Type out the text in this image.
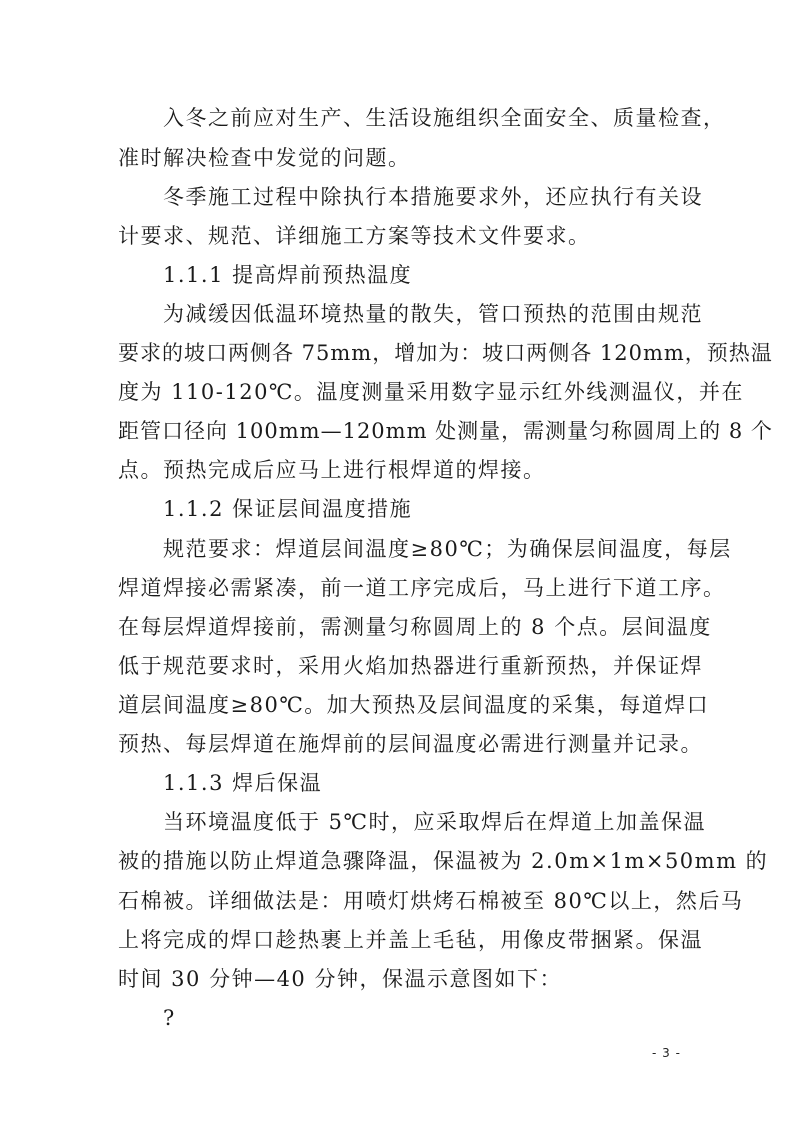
入冬之前应对生产、生活设施组织全面安全、质量检查，
准时解决检查中发觉的问题。
冬季施工过程中除执行本措施要求外，还应执行有关设
计要求、规范、详细施工方案等技术文件要求。
1.1.1 提高焊前预热温度
为减缓因低温环境热量的散失，管口预热的范围由规范
要求的坡口两侧各 75mm，增加为：坡口两侧各 120mm，预热温
度为 110-120℃。温度测量采用数字显示红外线测温仪，并在
距管口径向 100mm—120mm 处测量，需测量匀称圆周上的 8 个
点。预热完成后应马上进行根焊道的焊接。
1.1.2 保证层间温度措施
规范要求：焊道层间温度≥80℃；为确保层间温度，每层
焊道焊接必需紧凑，前一道工序完成后，马上进行下道工序。
在每层焊道焊接前，需测量匀称圆周上的 8 个点。层间温度
低于规范要求时，采用火焰加热器进行重新预热，并保证焊
道层间温度≥80℃。加大预热及层间温度的采集，每道焊口
预热、每层焊道在施焊前的层间温度必需进行测量并记录。
1.1.3 焊后保温
当环境温度低于 5℃时，应采取焊后在焊道上加盖保温
被的措施以防止焊道急骤降温，保温被为 2.0m×1m×50mm 的
石棉被。详细做法是：用喷灯烘烤石棉被至 80℃以上，然后马
上将完成的焊口趁热裹上并盖上毛毡，用像皮带捆紧。保温
时间 30 分钟—40 分钟，保温示意图如下：
?
- 3 -
